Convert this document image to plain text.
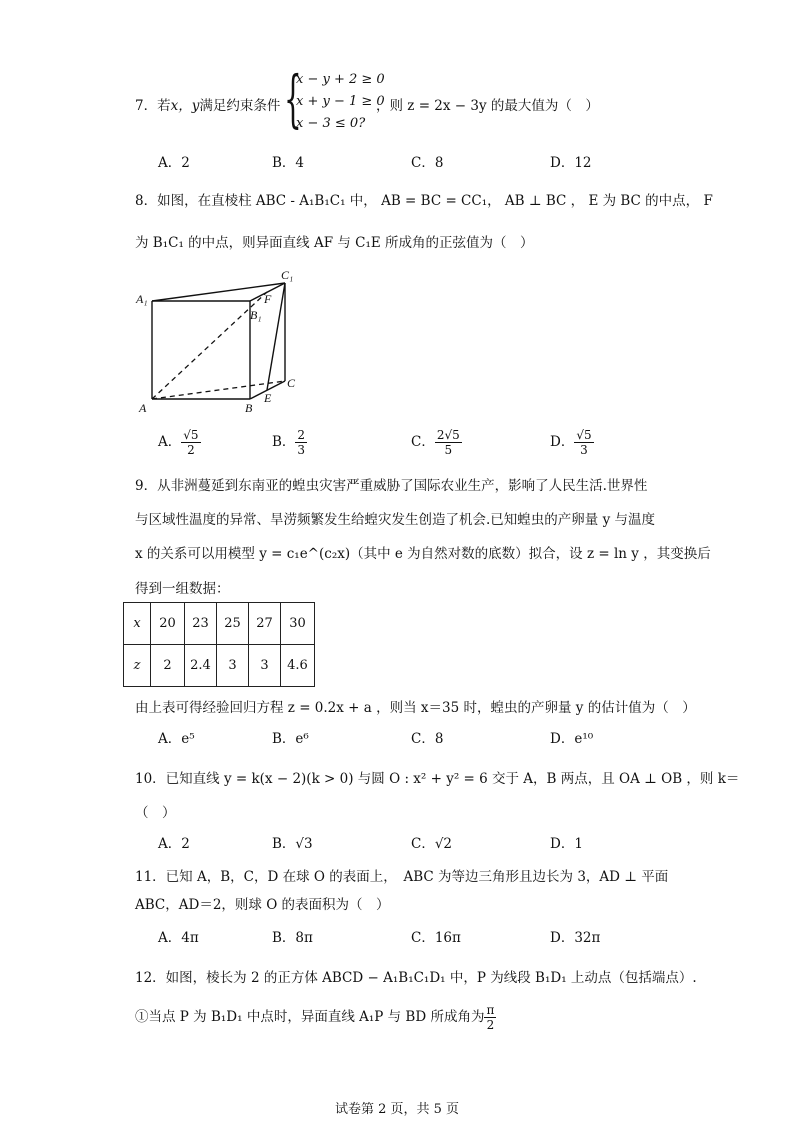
7．若x，y满足约束条件 {
x − y + 2 ≥ 0
x + y − 1 ≥ 0
x − 3 ≤ 0?
，则 z = 2x − 3y 的最大值为（　）
A．2	B．4	C．8	D．12
8．如图，在直棱柱 ABC - A₁B₁C₁ 中， AB = BC = CC₁， AB ⊥ BC ， E 为 BC 的中点， F
为 B₁C₁ 的中点，则异面直线 AF 与 C₁E 所成角的正弦值为（　）
A₁
B₁
C₁
F
A	B
E
C
A． $\frac{√5}{2}$	B． $\frac{2}{3}$	C． $\frac{2√5}{5}$	D． $\frac{√5}{3}$
9．从非洲蔓延到东南亚的蝗虫灾害严重威胁了国际农业生产，影响了人民生活.世界性
与区域性温度的异常、旱涝频繁发生给蝗灾发生创造了机会.已知蝗虫的产卵量 y 与温度
x 的关系可以用模型 y = c₁e^(c₂x)（其中 e 为自然对数的底数）拟合，设 z = ln y ，其变换后
得到一组数据：
x	20	23	25	27	30
z	2	2.4	3	3	4.6
由上表可得经验回归方程 z = 0.2x + a ，则当 x＝35 时，蝗虫的产卵量 y 的估计值为（　）
A．e⁵	B．e⁶	C．8	D．e¹⁰
10．已知直线 y = k(x − 2)(k > 0) 与圆 O : x² + y² = 6 交于 A，B 两点，且 OA ⊥ OB ，则 k＝
（　）
A．2	B．√3	C．√2	D．1
11．已知 A，B，C，D 在球 O 的表面上，　ABC 为等边三角形且边长为 3，AD ⊥ 平面
ABC，AD＝2，则球 O 的表面积为（　）
A．4π	B．8π	C．16π	D．32π
12．如图，棱长为 2 的正方体 ABCD − A₁B₁C₁D₁ 中，P 为线段 B₁D₁ 上动点（包括端点）.
①当点 P 为 B₁D₁ 中点时，异面直线 A₁P 与 BD 所成角为 $\frac{\pi}{2}$
试卷第 2 页，共 5 页
